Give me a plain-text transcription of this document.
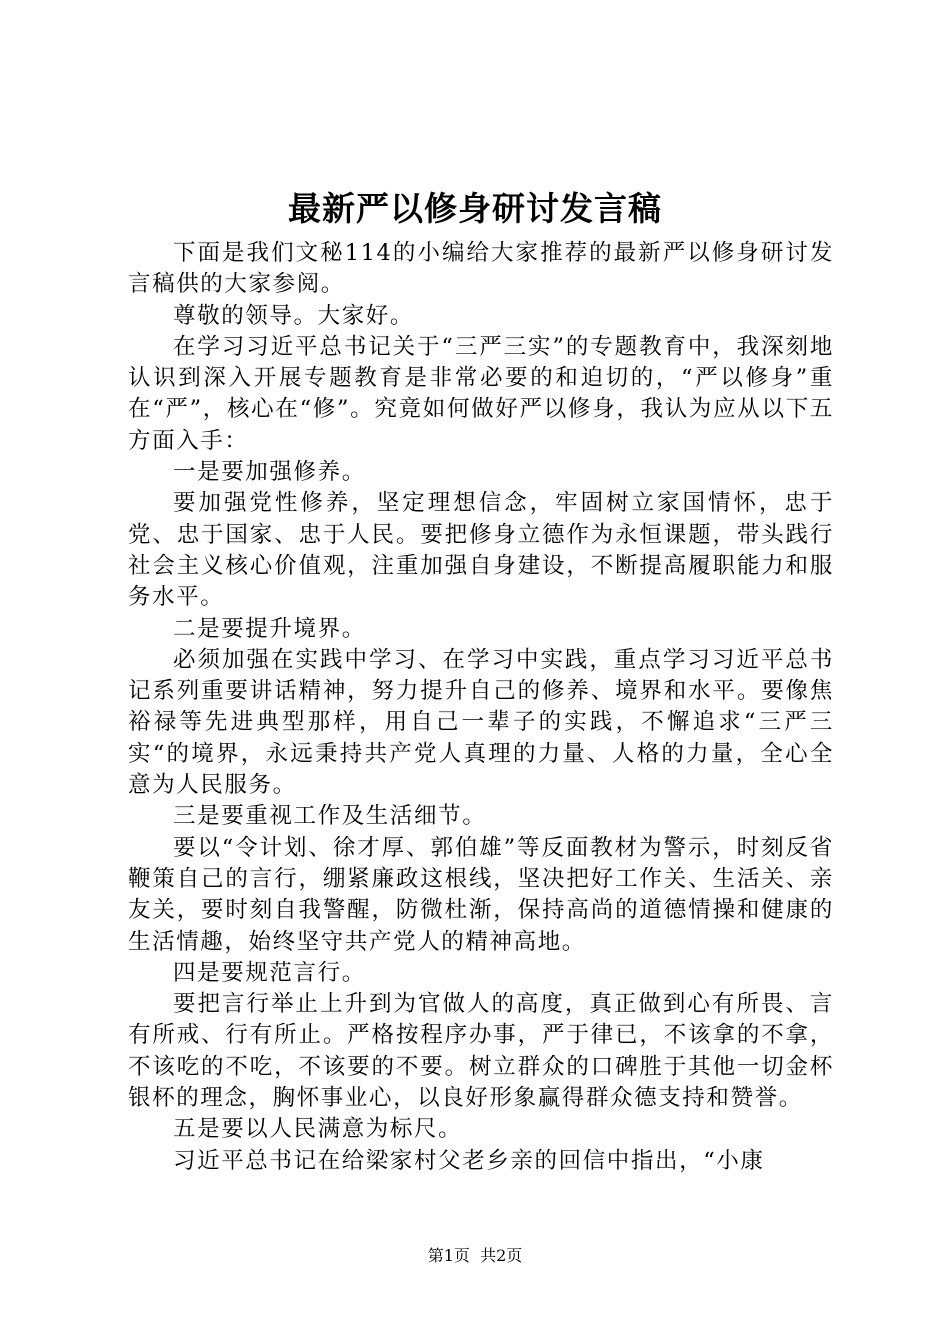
最新严以修身研讨发言稿

下面是我们文秘114的小编给大家推荐的最新严以修身研讨发言稿供的大家参阅。

尊敬的领导。大家好。

在学习习近平总书记关于“三严三实”的专题教育中，我深刻地认识到深入开展专题教育是非常必要的和迫切的，“严以修身”重在“严”，核心在“修”。究竟如何做好严以修身，我认为应从以下五方面入手：

一是要加强修养。

要加强党性修养，坚定理想信念，牢固树立家国情怀，忠于党、忠于国家、忠于人民。要把修身立德作为永恒课题，带头践行社会主义核心价值观，注重加强自身建设，不断提高履职能力和服务水平。

二是要提升境界。

必须加强在实践中学习、在学习中实践，重点学习习近平总书记系列重要讲话精神，努力提升自己的修养、境界和水平。要像焦裕禄等先进典型那样，用自己一辈子的实践，不懈追求“三严三实“的境界，永远秉持共产党人真理的力量、人格的力量，全心全意为人民服务。

三是要重视工作及生活细节。

要以“令计划、徐才厚、郭伯雄”等反面教材为警示，时刻反省鞭策自己的言行，绷紧廉政这根线，坚决把好工作关、生活关、亲友关，要时刻自我警醒，防微杜渐，保持高尚的道德情操和健康的生活情趣，始终坚守共产党人的精神高地。

四是要规范言行。

要把言行举止上升到为官做人的高度，真正做到心有所畏、言有所戒、行有所止。严格按程序办事，严于律已，不该拿的不拿，不该吃的不吃，不该要的不要。树立群众的口碑胜于其他一切金杯银杯的理念，胸怀事业心，以良好形象赢得群众德支持和赞誉。

五是要以人民满意为标尺。

习近平总书记在给梁家村父老乡亲的回信中指出，“小康

第1页  共2页
